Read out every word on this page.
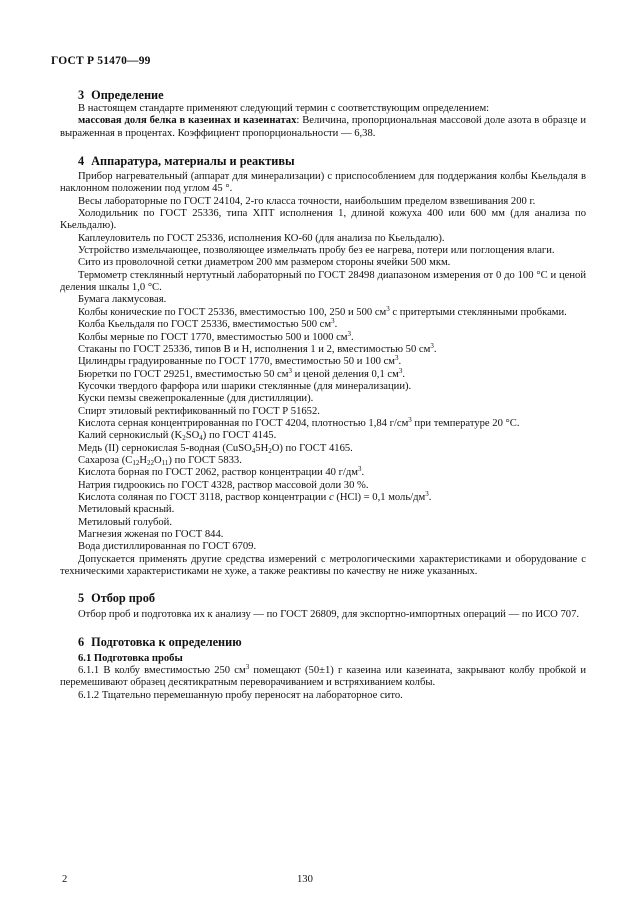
ГОСТ Р 51470—99
3 Определение

В настоящем стандарте применяют следующий термин с соответствующим определением:

массовая доля белка в казеинах и казеинатах: Величина, пропорциональная массовой доле азота в образце и выраженная в процентах. Коэффициент пропорциональности — 6,38.

4 Аппаратура, материалы и реактивы

Прибор нагревательный (аппарат для минерализации) с приспособлением для поддержания колбы Кьельдаля в наклонном положении под углом 45 °.

Весы лабораторные по ГОСТ 24104, 2-го класса точности, наибольшим пределом взвешивания 200 г.

Холодильник по ГОСТ 25336, типа ХПТ исполнения 1, длиной кожуха 400 или 600 мм (для анализа по Кьельдалю).

Каплеуловитель по ГОСТ 25336, исполнения КО-60 (для анализа по Кьельдалю).

Устройство измельчающее, позволяющее измельчать пробу без ее нагрева, потери или поглощения влаги.

Сито из проволочной сетки диаметром 200 мм размером стороны ячейки 500 мкм.

Термометр стеклянный нертутный лабораторный по ГОСТ 28498 диапазоном измерения от 0 до 100 °С и ценой деления шкалы 1,0 °С.

Бумага лакмусовая.

Колбы конические по ГОСТ 25336, вместимостью 100, 250 и 500 $см^3$ с притертыми стеклянными пробками.

Колба Кьельдаля по ГОСТ 25336, вместимостью 500 $см^3$.

Колбы мерные по ГОСТ 1770, вместимостью 500 и 1000 $см^3$.

Стаканы по ГОСТ 25336, типов В и Н, исполнения 1 и 2, вместимостью 50 $см^3$.

Цилиндры градуированные по ГОСТ 1770, вместимостью 50 и 100 $см^3$.

Бюретки по ГОСТ 29251, вместимостью 50 $см^3$ и ценой деления 0,1 $см^3$.

Кусочки твердого фарфора или шарики стеклянные (для минерализации).

Куски пемзы свежепрокаленные (для дистилляции).

Спирт этиловый ректификованный по ГОСТ Р 51652.

Кислота серная концентрированная по ГОСТ 4204, плотностью 1,84 $г/см^3$ при температуре 20 °С.

Калий сернокислый $(K_2SO_4)$ по ГОСТ 4145.

Медь (II) сернокислая 5-водная $(CuSO_45H_2O)$ по ГОСТ 4165.

Сахароза $(C_{12}H_{22}O_{11})$ по ГОСТ 5833.

Кислота борная по ГОСТ 2062, раствор концентрации 40 $г/дм^3$.

Натрия гидроокись по ГОСТ 4328, раствор массовой доли 30 %.

Кислота соляная по ГОСТ 3118, раствор концентрации с (HCl) = 0,1 моль/$дм^3$.

Метиловый красный.

Метиловый голубой.

Магнезия жженая по ГОСТ 844.

Вода дистиллированная по ГОСТ 6709.

Допускается применять другие средства измерений с метрологическими характеристиками и оборудование с техническими характеристиками не хуже, а также реактивы по качеству не ниже указанных.

5 Отбор проб

Отбор проб и подготовка их к анализу — по ГОСТ 26809, для экспортно-импортных операций — по ИСО 707.

6 Подготовка к определению
6.1 Подготовка пробы

6.1.1 В колбу вместимостью 250 $см^3$ помещают (50±1) г казеина или казеината, закрывают колбу пробкой и перемешивают образец десятикратным переворачиванием и встряхиванием колбы.

6.1.2 Тщательно перемешанную пробу переносят на лабораторное сито.

2	130
